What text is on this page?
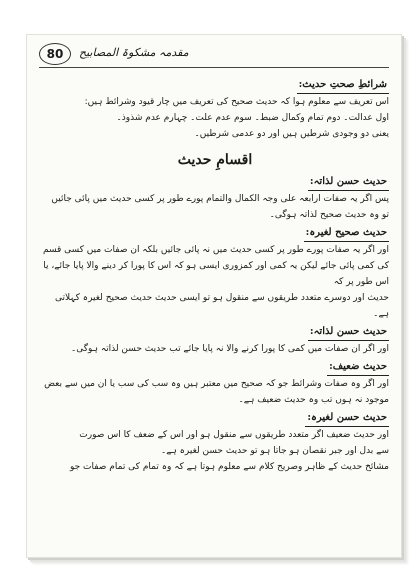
80	مقدمہ مشکوۃ المصابیح
شرائطِ صحتِ حدیث:

اس تعریف سے معلوم ہوا کہ حدیث صحیح کی تعریف میں چار قیود وشرائط ہیں:

اول عدالت۔ دوم تمام وکمال ضبط۔ سوم عدم علت۔ چہارم عدم شذوذ۔

یعنی دو وجودی شرطیں ہیں اور دو عدمی شرطیں۔

اقسامِ حدیث
حدیث حسن لذاتہ:

پس اگر یہ صفات ارابعہ علی وجہ الکمال والتمام پورے طور پر کسی حدیث میں پائی جائیں

تو وہ حدیث صحیح لذاتہ ہوگی۔

حدیث صحیح لغیرہ:

اور اگر یہ صفات پورے طور پر کسی حدیث میں نہ پائی جائیں بلکہ ان صفات میں کسی قسم

کی کمی پائی جائے لیکن یہ کمی اور کمزوری ایسی ہو کہ اس کا پورا کر دینے والا پایا جائے، یا اس طور پر کہ

حدیث اور دوسرے متعدد طریقوں سے منقول ہو تو ایسی حدیث حدیث صحیح لغیرہ کہلاتی ہے۔

حدیث حسن لذاتہ:

اور اگر ان صفات میں کمی کا پورا کرنے والا نہ پایا جائے تب حدیث حسن لذاتہ ہوگی۔

حدیث ضعیف:

اور اگر وہ صفات وشرائط جو کہ صحیح میں معتبر ہیں وہ سب کی سب یا ان میں سے بعض

موجود نہ ہوں تب وہ حدیث ضعیف ہے۔

حدیث حسن لغیرہ:

اور حدیث ضعیف اگر متعدد طریقوں سے منقول ہو اور اس کے ضعف کا اس صورت

سے بدل اور جبر نقصان ہو جاتا ہو تو حدیث حسن لغیرہ ہے۔

مشائخ حدیث کے ظاہر وصریح کلام سے معلوم ہوتا ہے کہ وہ تمام کی تمام صفات جو
